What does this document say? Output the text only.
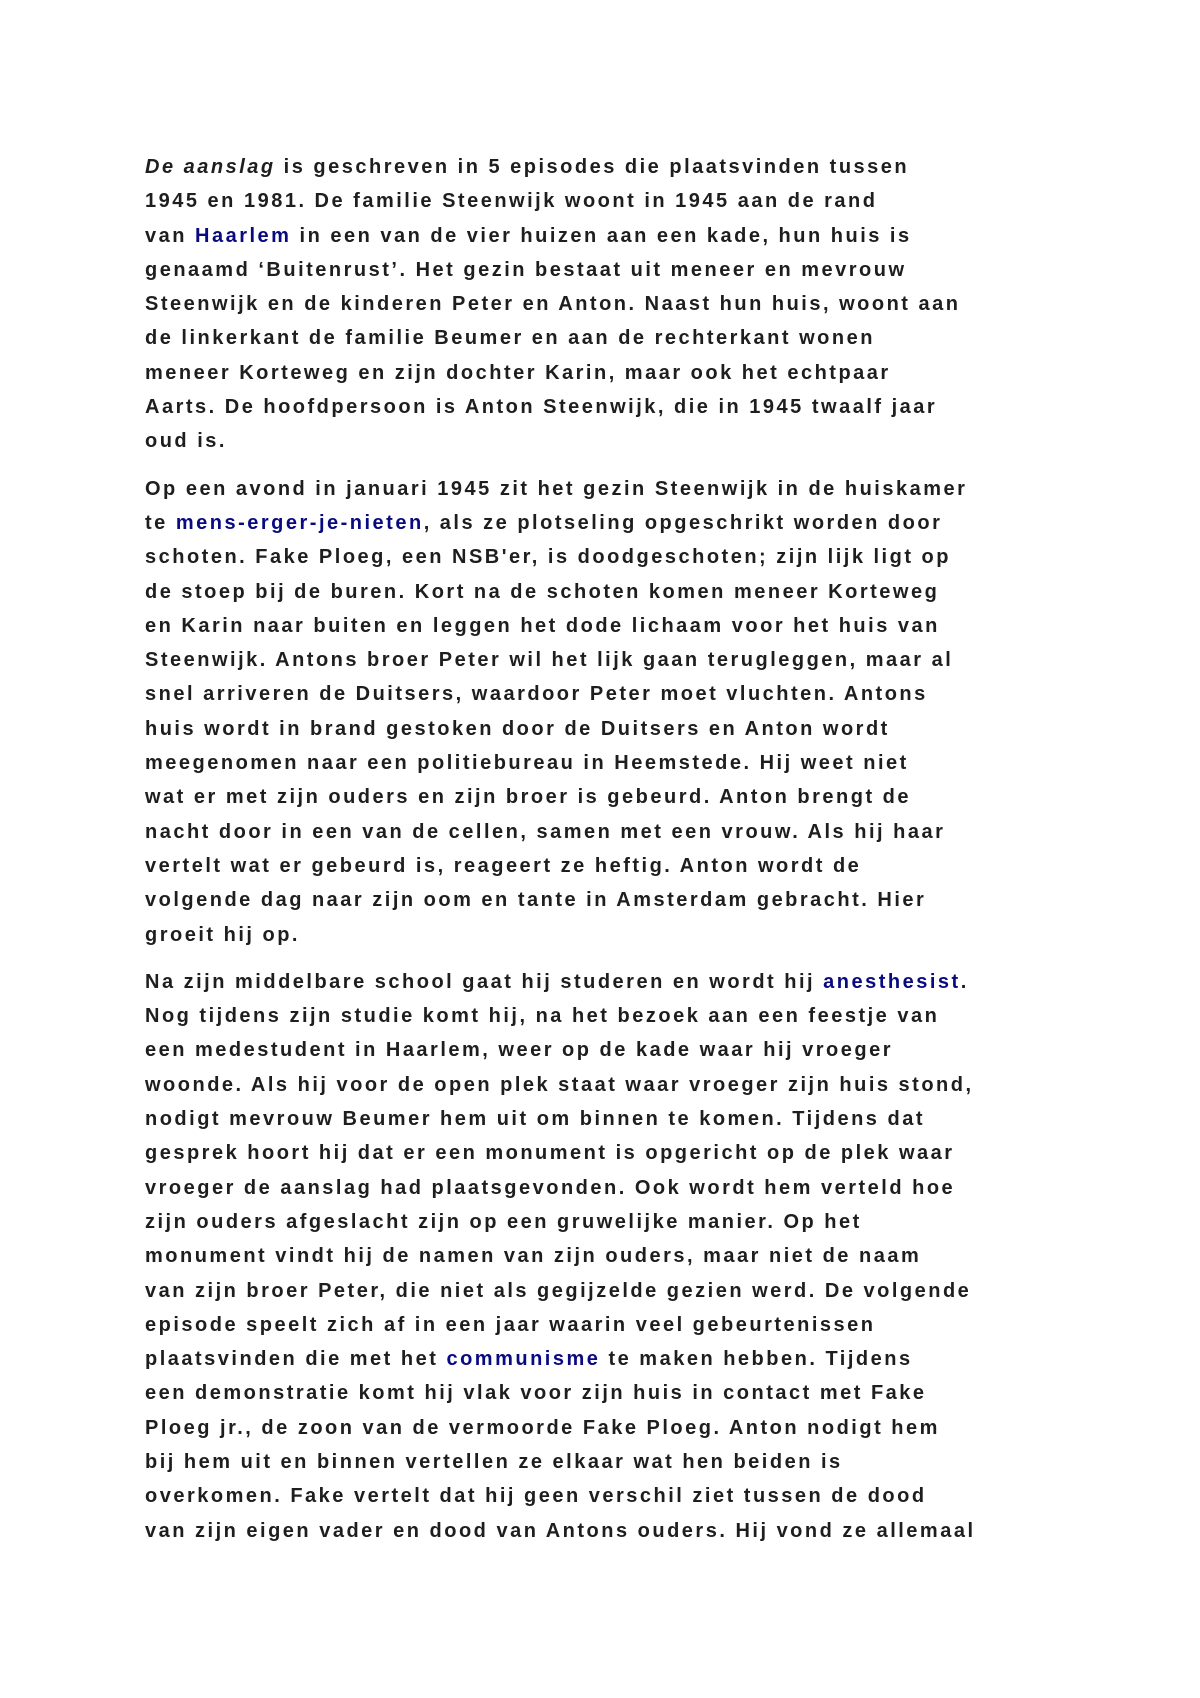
De aanslag is geschreven in 5 episodes die plaatsvinden tussen
1945 en 1981. De familie Steenwijk woont in 1945 aan de rand
van Haarlem in een van de vier huizen aan een kade, hun huis is
genaamd ‘Buitenrust’. Het gezin bestaat uit meneer en mevrouw
Steenwijk en de kinderen Peter en Anton. Naast hun huis, woont aan
de linkerkant de familie Beumer en aan de rechterkant wonen
meneer Korteweg en zijn dochter Karin, maar ook het echtpaar
Aarts. De hoofdpersoon is Anton Steenwijk, die in 1945 twaalf jaar
oud is.
Op een avond in januari 1945 zit het gezin Steenwijk in de huiskamer
te mens-erger-je-nieten, als ze plotseling opgeschrikt worden door
schoten. Fake Ploeg, een NSB'er, is doodgeschoten; zijn lijk ligt op
de stoep bij de buren. Kort na de schoten komen meneer Korteweg
en Karin naar buiten en leggen het dode lichaam voor het huis van
Steenwijk. Antons broer Peter wil het lijk gaan terugleggen, maar al
snel arriveren de Duitsers, waardoor Peter moet vluchten. Antons
huis wordt in brand gestoken door de Duitsers en Anton wordt
meegenomen naar een politiebureau in Heemstede. Hij weet niet
wat er met zijn ouders en zijn broer is gebeurd. Anton brengt de
nacht door in een van de cellen, samen met een vrouw. Als hij haar
vertelt wat er gebeurd is, reageert ze heftig. Anton wordt de
volgende dag naar zijn oom en tante in Amsterdam gebracht. Hier
groeit hij op.
Na zijn middelbare school gaat hij studeren en wordt hij anesthesist.
Nog tijdens zijn studie komt hij, na het bezoek aan een feestje van
een medestudent in Haarlem, weer op de kade waar hij vroeger
woonde. Als hij voor de open plek staat waar vroeger zijn huis stond,
nodigt mevrouw Beumer hem uit om binnen te komen. Tijdens dat
gesprek hoort hij dat er een monument is opgericht op de plek waar
vroeger de aanslag had plaatsgevonden. Ook wordt hem verteld hoe
zijn ouders afgeslacht zijn op een gruwelijke manier. Op het
monument vindt hij de namen van zijn ouders, maar niet de naam
van zijn broer Peter, die niet als gegijzelde gezien werd. De volgende
episode speelt zich af in een jaar waarin veel gebeurtenissen
plaatsvinden die met het communisme te maken hebben. Tijdens
een demonstratie komt hij vlak voor zijn huis in contact met Fake
Ploeg jr., de zoon van de vermoorde Fake Ploeg. Anton nodigt hem
bij hem uit en binnen vertellen ze elkaar wat hen beiden is
overkomen. Fake vertelt dat hij geen verschil ziet tussen de dood
van zijn eigen vader en dood van Antons ouders. Hij vond ze allemaal
